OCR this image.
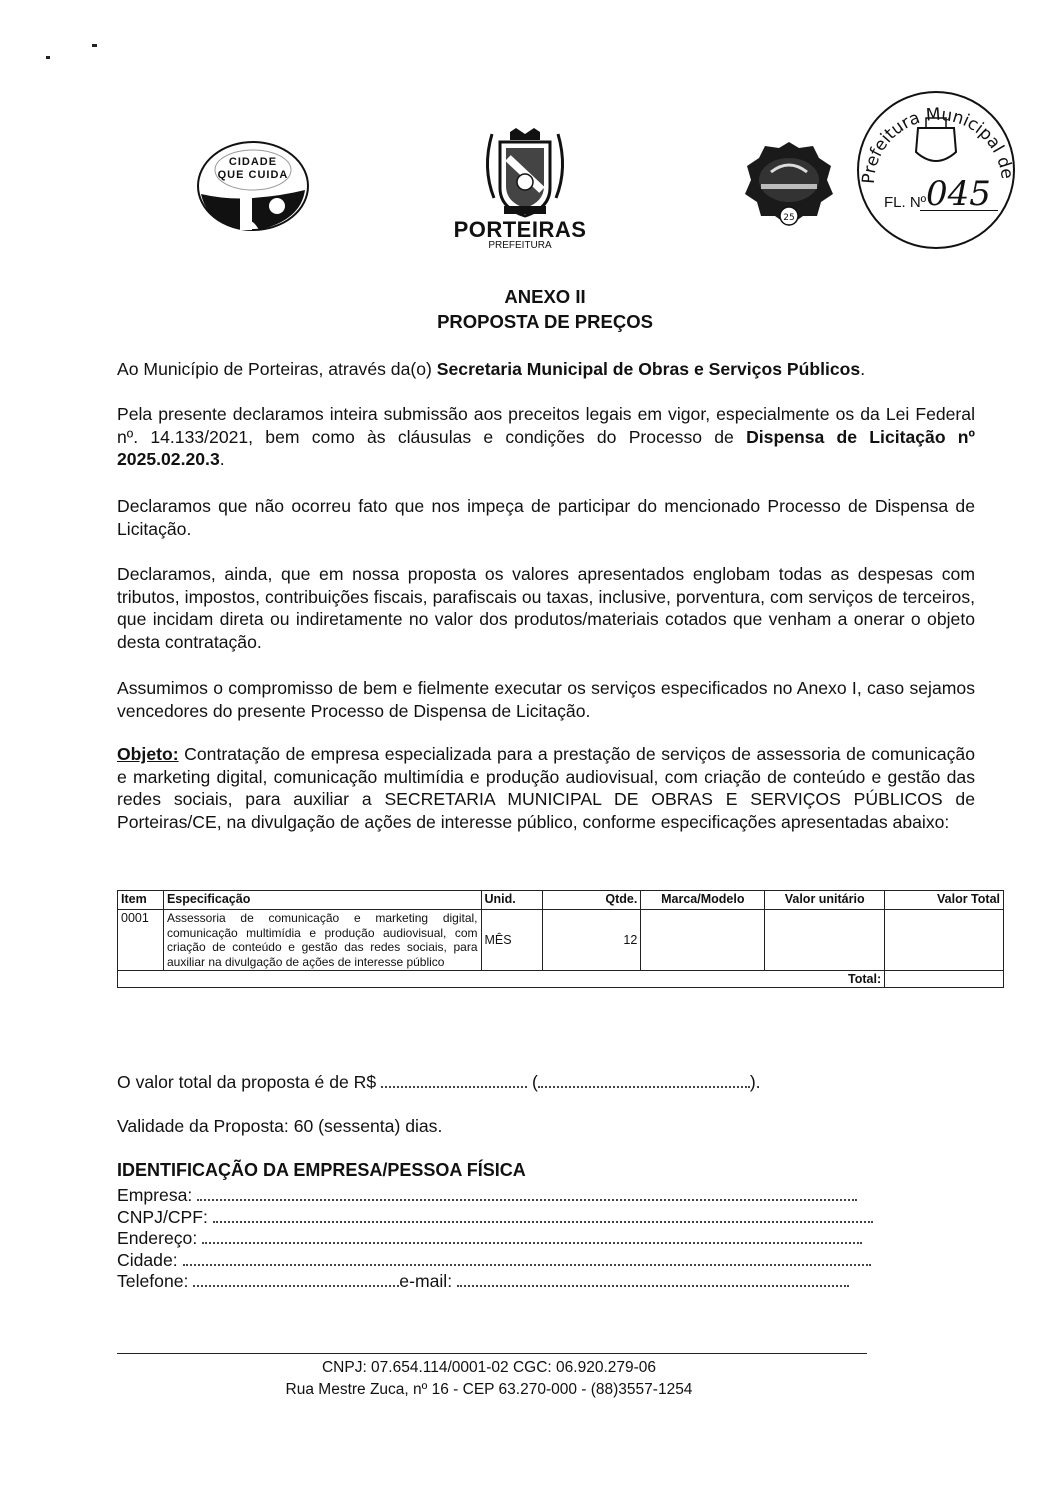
CIDADE QUE CUIDA
PORTEIRAS
PREFEITURA
25
Prefeitura Municipal de
FL. Nº 045
ANEXO II
PROPOSTA DE PREÇOS
Ao Município de Porteiras, através da(o) Secretaria Municipal de Obras e Serviços Públicos.
Pela presente declaramos inteira submissão aos preceitos legais em vigor, especialmente os da Lei Federal nº. 14.133/2021, bem como às cláusulas e condições do Processo de Dispensa de Licitação nº 2025.02.20.3.
Declaramos que não ocorreu fato que nos impeça de participar do mencionado Processo de Dispensa de Licitação.
Declaramos, ainda, que em nossa proposta os valores apresentados englobam todas as despesas com tributos, impostos, contribuições fiscais, parafiscais ou taxas, inclusive, porventura, com serviços de terceiros, que incidam direta ou indiretamente no valor dos produtos/materiais cotados que venham a onerar o objeto desta contratação.
Assumimos o compromisso de bem e fielmente executar os serviços especificados no Anexo I, caso sejamos vencedores do presente Processo de Dispensa de Licitação.
Objeto: Contratação de empresa especializada para a prestação de serviços de assessoria de comunicação e marketing digital, comunicação multimídia e produção audiovisual, com criação de conteúdo e gestão das redes sociais, para auxiliar a SECRETARIA MUNICIPAL DE OBRAS E SERVIÇOS PÚBLICOS de Porteiras/CE, na divulgação de ações de interesse público, conforme especificações apresentadas abaixo:
Item	Especificação	Unid.	Qtde.	Marca/Modelo	Valor unitário	Valor Total
0001	Assessoria de comunicação e marketing digital, comunicação multimídia e produção audiovisual, com criação de conteúdo e gestão das redes sociais, para auxiliar na divulgação de ações de interesse público	MÊS	12			
Total:						
O valor total da proposta é de R$	(	).
Validade da Proposta: 60 (sessenta) dias.
IDENTIFICAÇÃO DA EMPRESA/PESSOA FÍSICA
Empresa:
CNPJ/CPF:
Endereço:
Cidade:
Telefone:	e-mail:
CNPJ: 07.654.114/0001-02 CGC: 06.920.279-06
Rua Mestre Zuca, nº 16 - CEP 63.270-000 - (88)3557-1254
